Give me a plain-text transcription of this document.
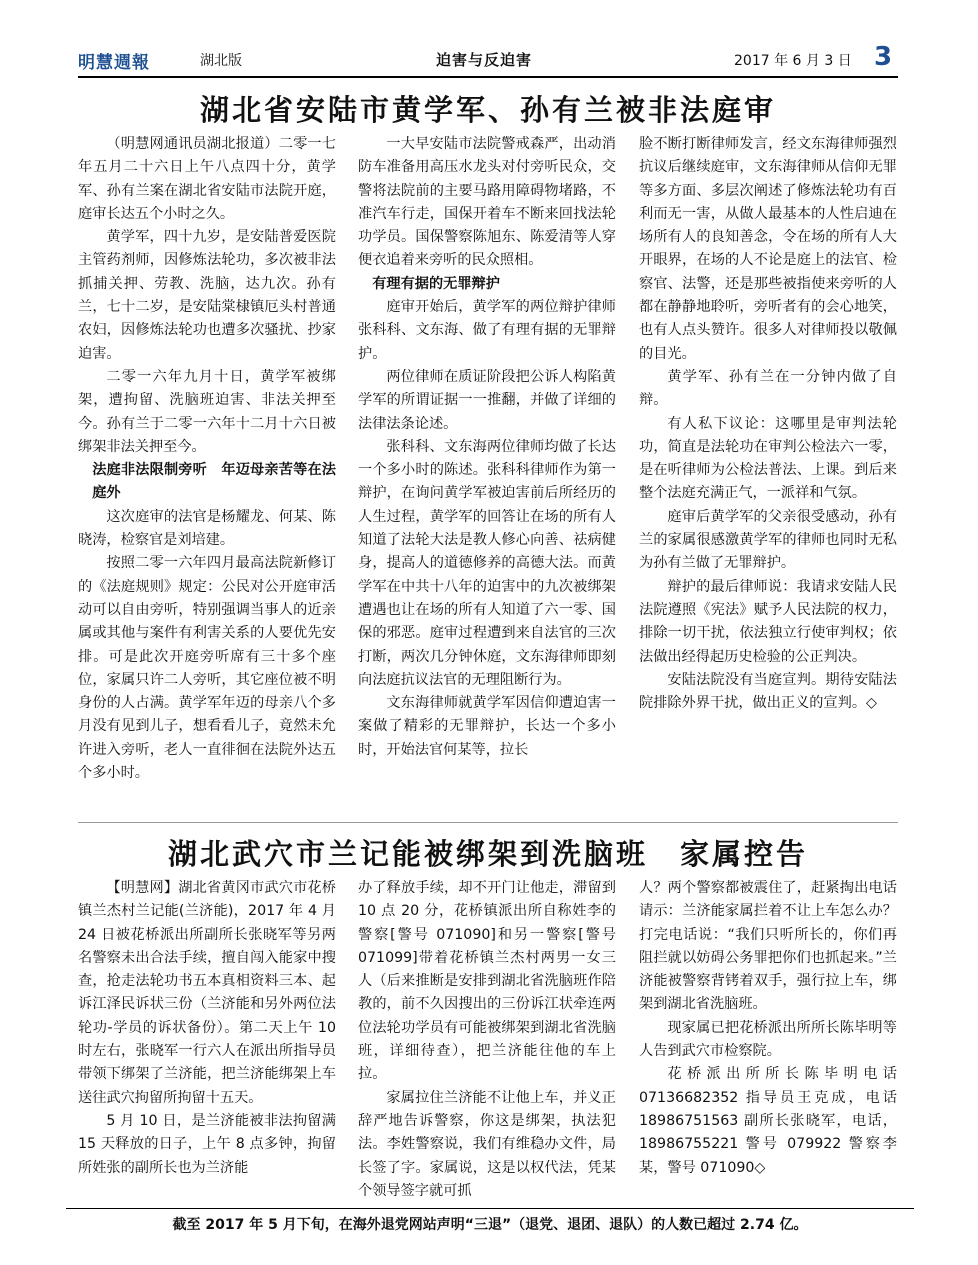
明慧週報	湖北版	迫害与反迫害	2017 年 6 月 3 日 3
湖北省安陆市黄学军、孙有兰被非法庭审

（明慧网通讯员湖北报道）二零一七年五月二十六日上午八点四十分，黄学军、孙有兰案在湖北省安陆市法院开庭，庭审长达五个小时之久。

黄学军，四十九岁，是安陆普爱医院主管药剂师，因修炼法轮功，多次被非法抓捕关押、劳教、洗脑，达九次。孙有兰，七十二岁，是安陆棠棣镇厄头村普通农妇，因修炼法轮功也遭多次骚扰、抄家迫害。

二零一六年九月十日，黄学军被绑架，遭拘留、洗脑班迫害、非法关押至今。孙有兰于二零一六年十二月十六日被绑架非法关押至今。

法庭非法限制旁听　年迈母亲苦等在法庭外

这次庭审的法官是杨耀龙、何某、陈晓涛，检察官是刘培建。

按照二零一六年四月最高法院新修订的《法庭规则》规定：公民对公开庭审活动可以自由旁听，特别强调当事人的近亲属或其他与案件有利害关系的人要优先安排。可是此次开庭旁听席有三十多个座位，家属只许二人旁听，其它座位被不明身份的人占满。黄学军年迈的母亲八个多月没有见到儿子，想看看儿子，竟然未允许进入旁听，老人一直徘徊在法院外达五个多小时。

一大早安陆市法院警戒森严，出动消防车准备用高压水龙头对付旁听民众，交警将法院前的主要马路用障碍物堵路，不准汽车行走，国保开着车不断来回找法轮功学员。国保警察陈旭东、陈爱清等人穿便衣追着来旁听的民众照相。

有理有据的无罪辩护

庭审开始后，黄学军的两位辩护律师张科科、文东海、做了有理有据的无罪辩护。

两位律师在质证阶段把公诉人构陷黄学军的所谓证据一一推翻，并做了详细的法律法条论述。

张科科、文东海两位律师均做了长达一个多小时的陈述。张科科律师作为第一辩护，在询问黄学军被迫害前后所经历的人生过程，黄学军的回答让在场的所有人知道了法轮大法是教人修心向善、祛病健身，提高人的道德修养的高德大法。而黄学军在中共十八年的迫害中的九次被绑架遭遇也让在场的所有人知道了六一零、国保的邪恶。庭审过程遭到来自法官的三次打断，两次几分钟休庭，文东海律师即刻向法庭抗议法官的无理阻断行为。

文东海律师就黄学军因信仰遭迫害一案做了精彩的无罪辩护，长达一个多小时，开始法官何某等，拉长

脸不断打断律师发言，经文东海律师强烈抗议后继续庭审，文东海律师从信仰无罪等多方面、多层次阐述了修炼法轮功有百利而无一害，从做人最基本的人性启迪在场所有人的良知善念，令在场的所有人大开眼界，在场的人不论是庭上的法官、检察官、法警，还是那些被指使来旁听的人都在静静地聆听，旁听者有的会心地笑，也有人点头赞许。很多人对律师投以敬佩的目光。

黄学军、孙有兰在一分钟内做了自辩。

有人私下议论：这哪里是审判法轮功，简直是法轮功在审判公检法六一零，是在听律师为公检法普法、上课。到后来整个法庭充满正气，一派祥和气氛。

庭审后黄学军的父亲很受感动，孙有兰的家属很感激黄学军的律师也同时无私为孙有兰做了无罪辩护。

辩护的最后律师说：我请求安陆人民法院遵照《宪法》赋予人民法院的权力，排除一切干扰，依法独立行使审判权；依法做出经得起历史检验的公正判决。

安陆法院没有当庭宣判。期待安陆法院排除外界干扰，做出正义的宣判。◇

湖北武穴市兰记能被绑架到洗脑班　家属控告

【明慧网】湖北省黄冈市武穴市花桥镇兰杰村兰记能(兰济能)，2017 年 4 月 24 日被花桥派出所副所长张晓军等另两名警察未出合法手续，擅自闯入能家中搜查，抢走法轮功书五本真相资料三本、起诉江泽民诉状三份（兰济能和另外两位法轮功-学员的诉状备份）。第二天上午 10 时左右，张晓军一行六人在派出所指导员带领下绑架了兰济能，把兰济能绑架上车送往武穴拘留所拘留十五天。

5 月 10 日，是兰济能被非法拘留满 15 天释放的日子，上午 8 点多钟，拘留所姓张的副所长也为兰济能

办了释放手续，却不开门让他走，滞留到 10 点 20 分，花桥镇派出所自称姓李的警察[警号 071090]和另一警察[警号 071099]带着花桥镇兰杰村两男一女三人（后来推断是安排到湖北省洗脑班作陪教的，前不久因搜出的三份诉江状牵连两位法轮功学员有可能被绑架到湖北省洗脑班，详细待查），把兰济能往他的车上拉。

家属拉住兰济能不让他上车，并义正辞严地告诉警察，你这是绑架，执法犯法。李姓警察说，我们有维稳办文件，局长签了字。家属说，这是以权代法，凭某个领导签字就可抓

人？两个警察都被震住了，赶紧掏出电话请示：兰济能家属拦着不让上车怎么办？打完电话说：“我们只听所长的，你们再阻拦就以妨碍公务罪把你们也抓起来。”兰济能被警察背铐着双手，强行拉上车，绑架到湖北省洗脑班。

现家属已把花桥派出所所长陈毕明等人告到武穴市检察院。

花桥派出所所长陈毕明电话 07136682352 指导员王克成，电话 18986751563 副所长张晓军，电话，18986755221 警号 079922 警察李某，警号 071090◇

截至 2017 年 5 月下旬，在海外退党网站声明“三退”（退党、退团、退队）的人数已超过 2.74 亿。
